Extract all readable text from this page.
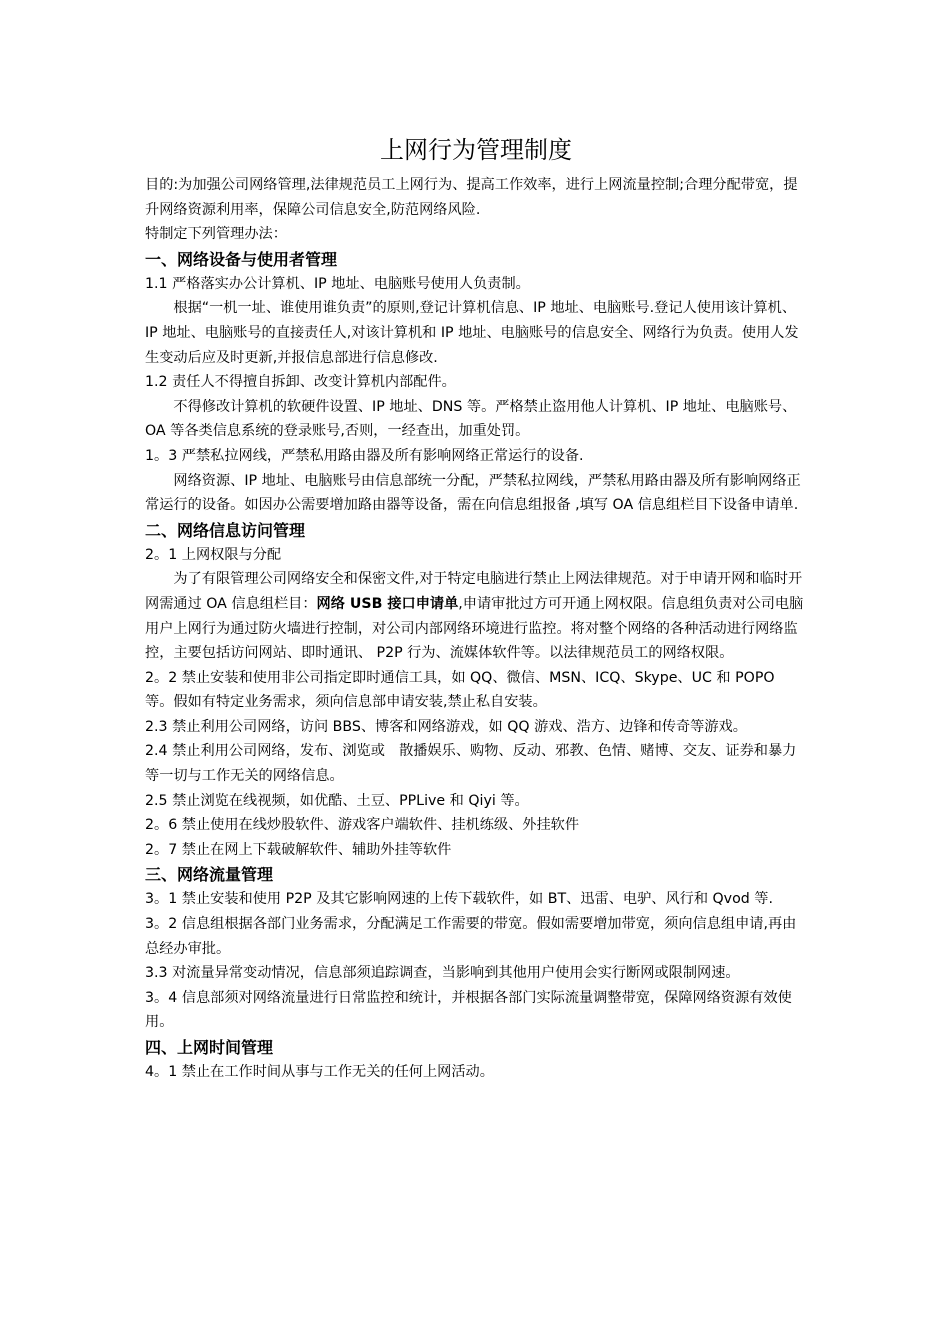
上网行为管理制度

目的:为加强公司网络管理,法律规范员工上网行为、提高工作效率，进行上网流量控制;合理分配带宽，提升网络资源利用率，保障公司信息安全,防范网络风险.

特制定下列管理办法：

一、网络设备与使用者管理

1.1 严格落实办公计算机、IP 地址、电脑账号使用人负责制。

根据“一机一址、谁使用谁负责”的原则,登记计算机信息、IP 地址、电脑账号.登记人使用该计算机、IP 地址、电脑账号的直接责任人,对该计算机和 IP 地址、电脑账号的信息安全、网络行为负责。使用人发生变动后应及时更新,并报信息部进行信息修改.

1.2 责任人不得擅自拆卸、改变计算机内部配件。

不得修改计算机的软硬件设置、IP 地址、DNS 等。严格禁止盗用他人计算机、IP 地址、电脑账号、OA 等各类信息系统的登录账号,否则，一经查出，加重处罚。

1。3 严禁私拉网线，严禁私用路由器及所有影响网络正常运行的设备.

网络资源、IP 地址、电脑账号由信息部统一分配，严禁私拉网线，严禁私用路由器及所有影响网络正常运行的设备。如因办公需要增加路由器等设备，需在向信息组报备 ,填写 OA 信息组栏目下设备申请单.

二、网络信息访问管理

2。1 上网权限与分配

为了有限管理公司网络安全和保密文件,对于特定电脑进行禁止上网法律规范。对于申请开网和临时开网需通过 OA 信息组栏目：网络 USB 接口申请单,申请审批过方可开通上网权限。信息组负责对公司电脑用户上网行为通过防火墙进行控制，对公司内部网络环境进行监控。将对整个网络的各种活动进行网络监控，主要包括访问网站、即时通讯、 P2P 行为、流媒体软件等。以法律规范员工的网络权限。

2。2 禁止安装和使用非公司指定即时通信工具，如 QQ、微信、MSN、ICQ、Skype、UC 和 POPO 等。假如有特定业务需求，须向信息部申请安装,禁止私自安装。

2.3 禁止利用公司网络，访问 BBS、博客和网络游戏，如 QQ 游戏、浩方、边锋和传奇等游戏。

2.4 禁止利用公司网络，发布、浏览或　散播娱乐、购物、反动、邪教、色情、赌博、交友、证券和暴力等一切与工作无关的网络信息。

2.5 禁止浏览在线视频，如优酷、土豆、PPLive 和 Qiyi 等。

2。6 禁止使用在线炒股软件、游戏客户端软件、挂机练级、外挂软件

2。7 禁止在网上下载破解软件、辅助外挂等软件

三、网络流量管理

3。1 禁止安装和使用 P2P 及其它影响网速的上传下载软件，如 BT、迅雷、电驴、风行和 Qvod 等.

3。2 信息组根据各部门业务需求，分配满足工作需要的带宽。假如需要增加带宽，须向信息组申请,再由总经办审批。

3.3 对流量异常变动情况，信息部须追踪调查，当影响到其他用户使用会实行断网或限制网速。

3。4 信息部须对网络流量进行日常监控和统计，并根据各部门实际流量调整带宽，保障网络资源有效使用。

四、上网时间管理

4。1 禁止在工作时间从事与工作无关的任何上网活动。
